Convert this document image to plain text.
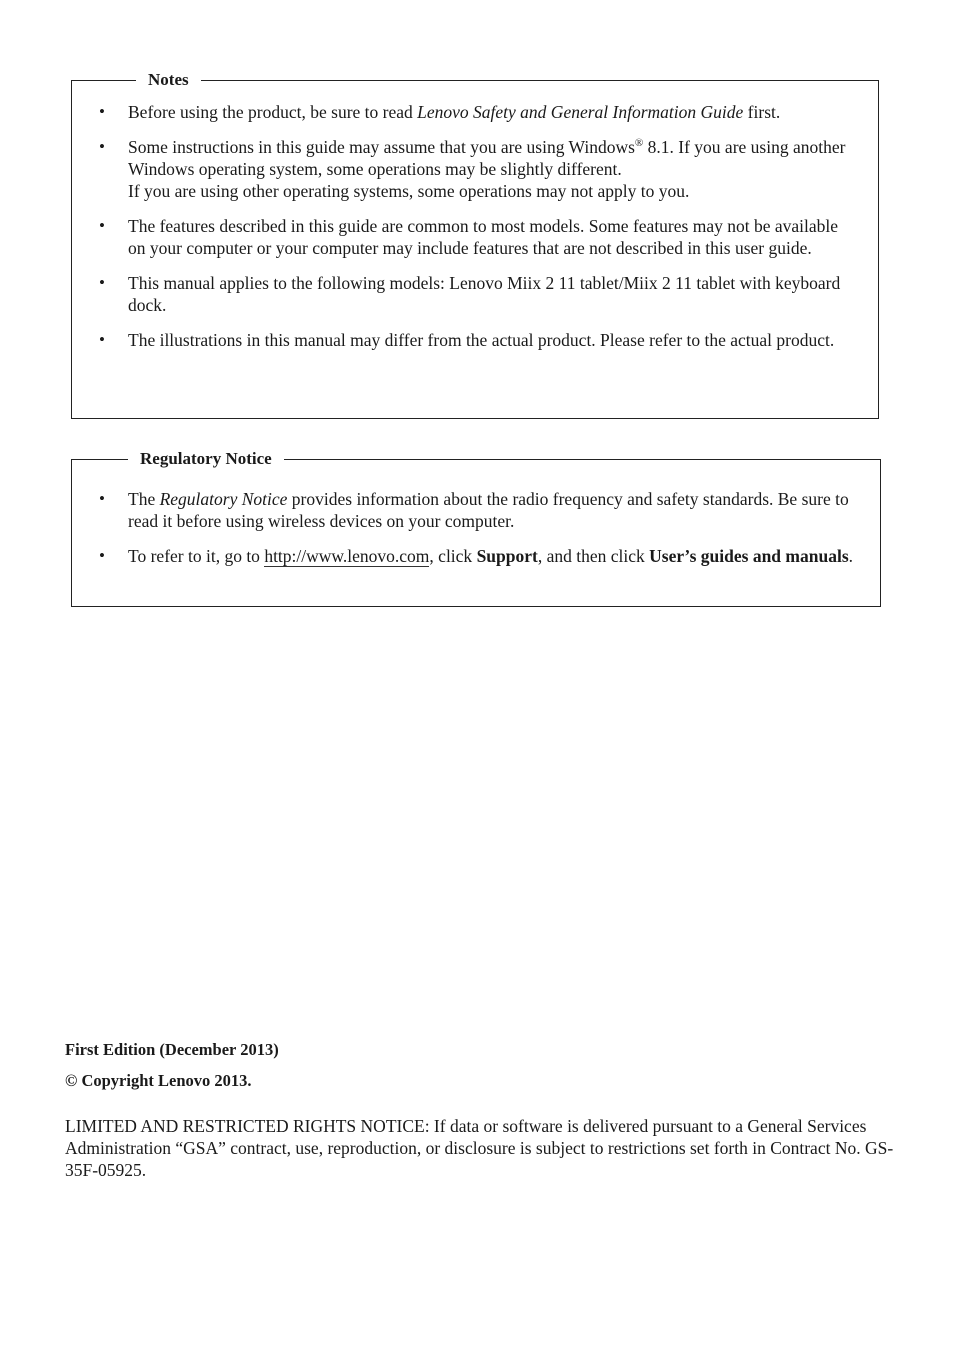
Notes
• Before using the product, be sure to read Lenovo Safety and General Information Guide first.
• Some instructions in this guide may assume that you are using Windows® 8.1. If you are using another Windows operating system, some operations may be slightly different.
If you are using other operating systems, some operations may not apply to you.
• The features described in this guide are common to most models. Some features may not be available on your computer or your computer may include features that are not described in this user guide.
• This manual applies to the following models: Lenovo Miix 2 11 tablet/Miix 2 11 tablet with keyboard dock.
• The illustrations in this manual may differ from the actual product. Please refer to the actual product.
Regulatory Notice
• The Regulatory Notice provides information about the radio frequency and safety standards. Be sure to read it before using wireless devices on your computer.
• To refer to it, go to http://www.lenovo.com, click Support, and then click User’s guides and manuals.
First Edition (December 2013)
© Copyright Lenovo 2013.
LIMITED AND RESTRICTED RIGHTS NOTICE: If data or software is delivered pursuant to a General Services Administration “GSA” contract, use, reproduction, or disclosure is subject to restrictions set forth in Contract No. GS-35F-05925.
